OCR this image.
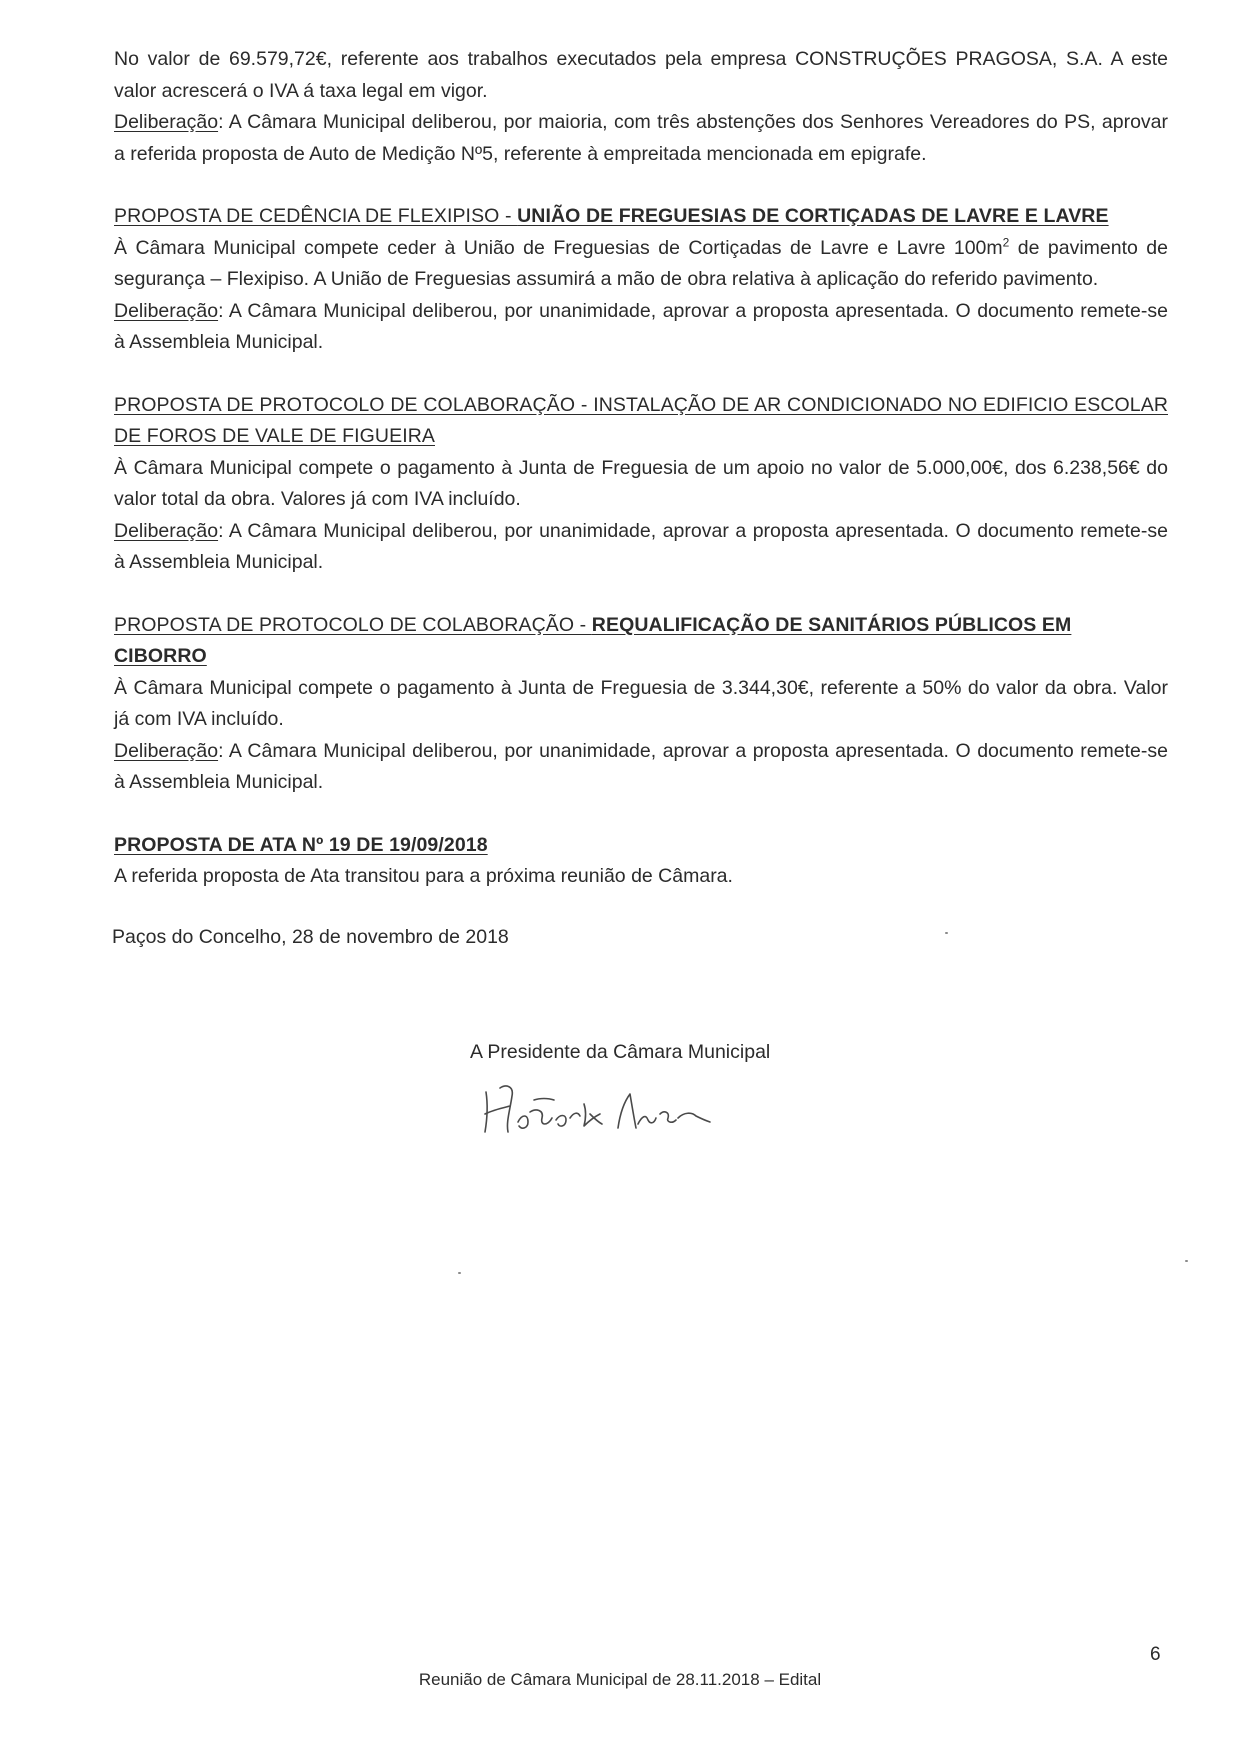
No valor de 69.579,72€, referente aos trabalhos executados pela empresa CONSTRUÇÕES PRAGOSA, S.A. A este valor acrescerá o IVA á taxa legal em vigor.

Deliberação: A Câmara Municipal deliberou, por maioria, com três abstenções dos Senhores Vereadores do PS, aprovar a referida proposta de Auto de Medição Nº5, referente à empreitada mencionada em epigrafe.

PROPOSTA DE CEDÊNCIA DE FLEXIPISO - UNIÃO DE FREGUESIAS DE CORTIÇADAS DE LAVRE E LAVRE

À Câmara Municipal compete ceder à União de Freguesias de Cortiçadas de Lavre e Lavre $100m^2$ de pavimento de segurança – Flexipiso. A União de Freguesias assumirá a mão de obra relativa à aplicação do referido pavimento.

Deliberação: A Câmara Municipal deliberou, por unanimidade, aprovar a proposta apresentada. O documento remete-se à Assembleia Municipal.

PROPOSTA DE PROTOCOLO DE COLABORAÇÃO - INSTALAÇÃO DE AR CONDICIONADO NO EDIFICIO ESCOLAR DE FOROS DE VALE DE FIGUEIRA

À Câmara Municipal compete o pagamento à Junta de Freguesia de um apoio no valor de 5.000,00€, dos 6.238,56€ do valor total da obra. Valores já com IVA incluído.

Deliberação: A Câmara Municipal deliberou, por unanimidade, aprovar a proposta apresentada. O documento remete-se à Assembleia Municipal.

PROPOSTA DE PROTOCOLO DE COLABORAÇÃO - REQUALIFICAÇÃO DE SANITÁRIOS PÚBLICOS EM CIBORRO

À Câmara Municipal compete o pagamento à Junta de Freguesia de 3.344,30€, referente a 50% do valor da obra. Valor já com IVA incluído.

Deliberação: A Câmara Municipal deliberou, por unanimidade, aprovar a proposta apresentada. O documento remete-se à Assembleia Municipal.

PROPOSTA DE ATA Nº 19 DE 19/09/2018

A referida proposta de Ata transitou para a próxima reunião de Câmara.

Paços do Concelho, 28 de novembro de 2018
A Presidente da Câmara Municipal
6
Reunião de Câmara Municipal de 28.11.2018 – Edital
